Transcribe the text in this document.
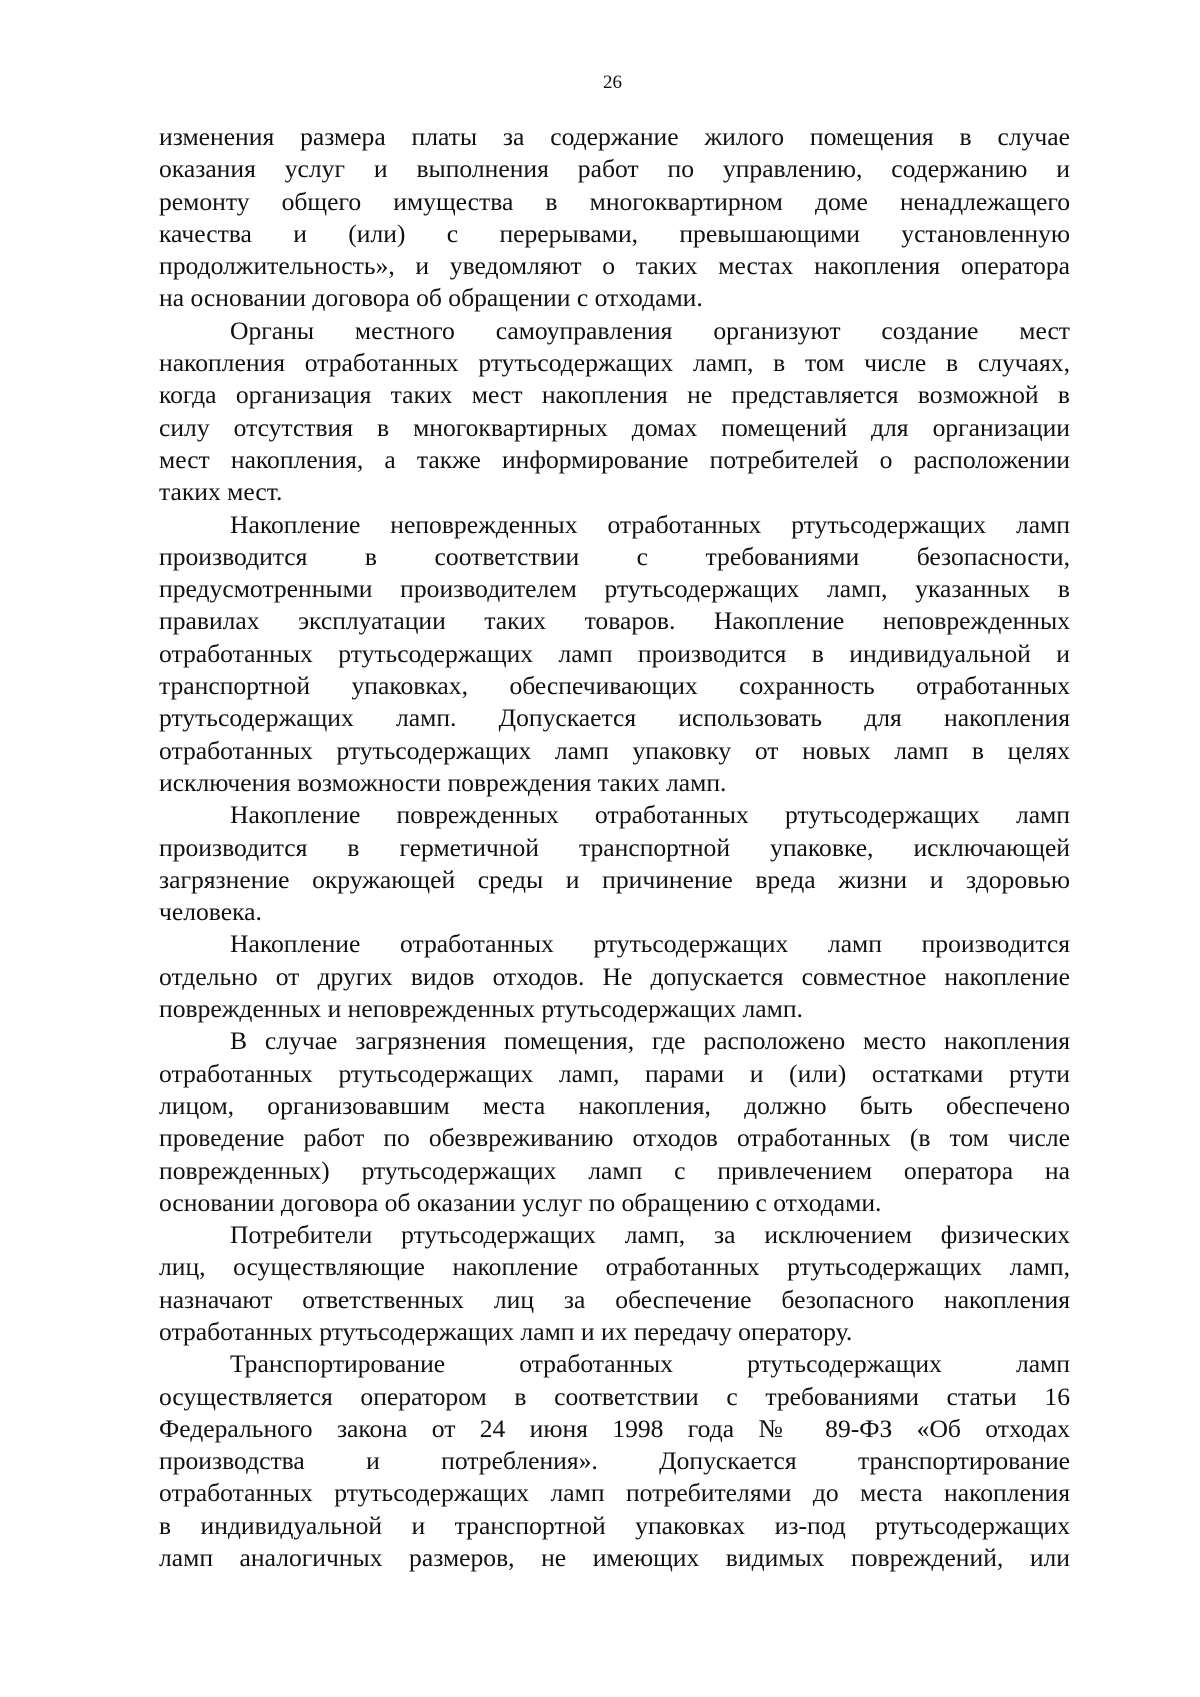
26
изменения размера платы за содержание жилого помещения в случае
оказания услуг и выполнения работ по управлению, содержанию и
ремонту общего имущества в многоквартирном доме ненадлежащего
качества и (или) с перерывами, превышающими установленную
продолжительность», и уведомляют о таких местах накопления оператора
на основании договора об обращении с отходами.
Органы местного самоуправления организуют создание мест
накопления отработанных ртутьсодержащих ламп, в том числе в случаях,
когда организация таких мест накопления не представляется возможной в
силу отсутствия в многоквартирных домах помещений для организации
мест накопления, а также информирование потребителей о расположении
таких мест.
Накопление неповрежденных отработанных ртутьсодержащих ламп
производится в соответствии с требованиями безопасности,
предусмотренными производителем ртутьсодержащих ламп, указанных в
правилах эксплуатации таких товаров. Накопление неповрежденных
отработанных ртутьсодержащих ламп производится в индивидуальной и
транспортной упаковках, обеспечивающих сохранность отработанных
ртутьсодержащих ламп. Допускается использовать для накопления
отработанных ртутьсодержащих ламп упаковку от новых ламп в целях
исключения возможности повреждения таких ламп.
Накопление поврежденных отработанных ртутьсодержащих ламп
производится в герметичной транспортной упаковке, исключающей
загрязнение окружающей среды и причинение вреда жизни и здоровью
человека.
Накопление отработанных ртутьсодержащих ламп производится
отдельно от других видов отходов. Не допускается совместное накопление
поврежденных и неповрежденных ртутьсодержащих ламп.
В случае загрязнения помещения, где расположено место накопления
отработанных ртутьсодержащих ламп, парами и (или) остатками ртути
лицом, организовавшим места накопления, должно быть обеспечено
проведение работ по обезвреживанию отходов отработанных (в том числе
поврежденных) ртутьсодержащих ламп с привлечением оператора на
основании договора об оказании услуг по обращению с отходами.
Потребители ртутьсодержащих ламп, за исключением физических
лиц, осуществляющие накопление отработанных ртутьсодержащих ламп,
назначают ответственных лиц за обеспечение безопасного накопления
отработанных ртутьсодержащих ламп и их передачу оператору.
Транспортирование отработанных ртутьсодержащих ламп
осуществляется оператором в соответствии с требованиями статьи 16
Федерального закона от 24 июня 1998 года № 89-ФЗ «Об отходах
производства и потребления». Допускается транспортирование
отработанных ртутьсодержащих ламп потребителями до места накопления
в индивидуальной и транспортной упаковках из-под ртутьсодержащих
ламп аналогичных размеров, не имеющих видимых повреждений, или
